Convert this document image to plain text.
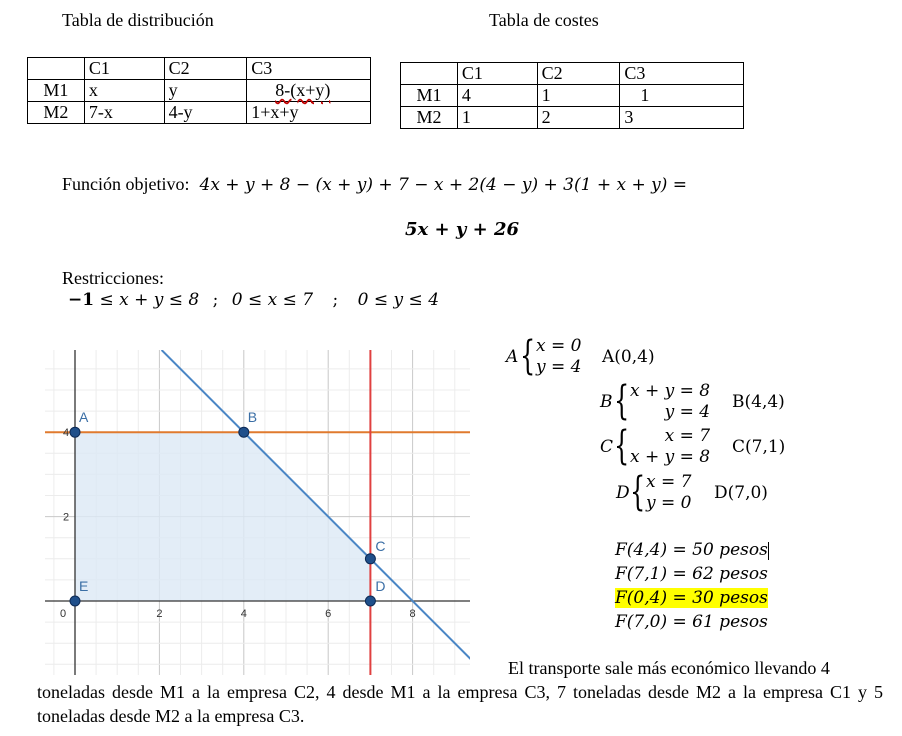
Tabla de distribución	Tabla de costes
	C1	C2	C3
M1	x	y	8-(x+y)
M2	7-x	4-y	1+x+y
	C1	C2	C3
M1	4	1	1
M2	1	2	3
Función objetivo: 4x + y + 8 − (x + y) + 7 − x + 2(4 − y) + 3(1 + x + y) =
5x + y + 26
Restricciones:
−1 ≤ x + y ≤ 8 ; 0 ≤ x ≤ 7 ; 0 ≤ y ≤ 4
0	2	4	6	8
2
4
A	B
C
D
E
A { x = 0
y = 4 A(0,4)
B { x + y = 8
y = 4 B(4,4)
C {	x = 7
x + y = 8 C(7,1)
D { x = 7
y = 0 D(7,0)
F(4,4) = 50 pesos
F(7,1) = 62 pesos
F(0,4) = 30 pesos
F(7,0) = 61 pesos
El transporte sale más económico llevando 4
toneladas desde M1 a la empresa C2, 4 desde M1 a la empresa C3, 7 toneladas desde M2 a la empresa C1 y 5 toneladas desde M2 a la empresa C3.
